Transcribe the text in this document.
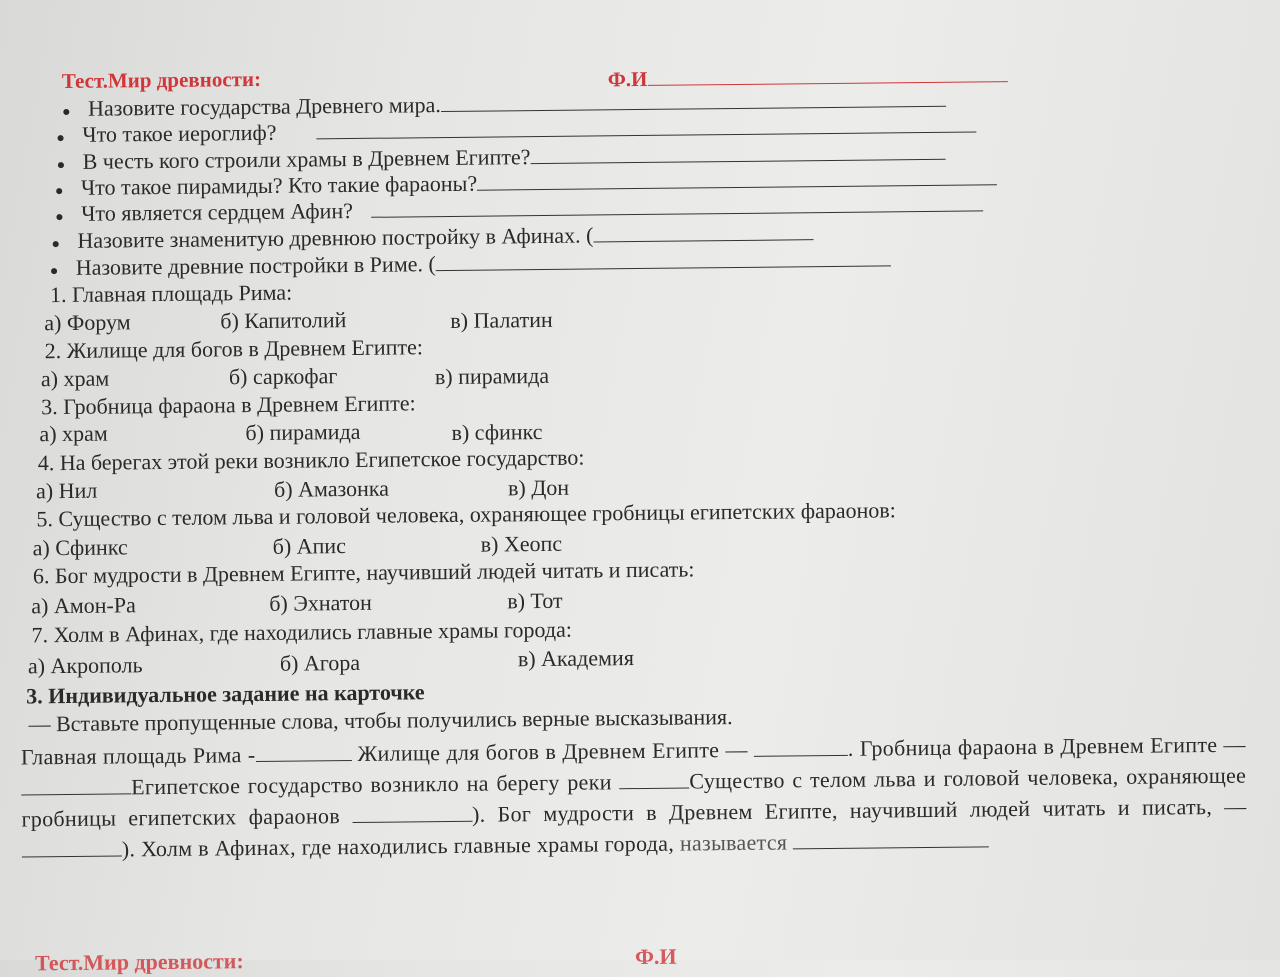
Тест.Мир древности:	Ф.И
● Назовите государства Древнего мира.
● Что такое иероглиф?
● В честь кого строили храмы в Древнем Египте?
● Что такое пирамиды? Кто такие фараоны?
● Что является сердцем Афин?
● Назовите знаменитую древнюю постройку в Афинах. (
● Назовите древние постройки в Риме. (
1. Главная площадь Рима:
а) Форум	б) Капитолий	в) Палатин
2. Жилище для богов в Древнем Египте:
а) храм	б) саркофаг	в) пирамида
3. Гробница фараона в Древнем Египте:
а) храм	б) пирамида	в) сфинкс
4. На берегах этой реки возникло Египетское государство:
а) Нил	б) Амазонка	в) Дон
5. Существо с телом льва и головой человека, охраняющее гробницы египетских фараонов:
а) Сфинкс	б) Апис	в) Хеопс
6. Бог мудрости в Древнем Египте, научивший людей читать и писать:
а) Амон-Ра	б) Эхнатон	в) Тот
7. Холм в Афинах, где находились главные храмы города:
а) Акрополь	б) Агора	в) Академия
3. Индивидуальное задание на карточке
— Вставьте пропущенные слова, чтобы получились верные высказывания.
Главная площадь Рима -	Жилище для богов в Древнем Египте —	. Гробница фараона в Древнем Египте — Египетское государство возникло на берегу реки	Существо с телом льва и головой человека, охраняющее гробницы египетских фараонов	). Бог мудрости в Древнем Египте, научивший людей читать и писать, — ). Холм в Афинах, где находились главные храмы города, называется
Тест.Мир древности:	Ф.И
